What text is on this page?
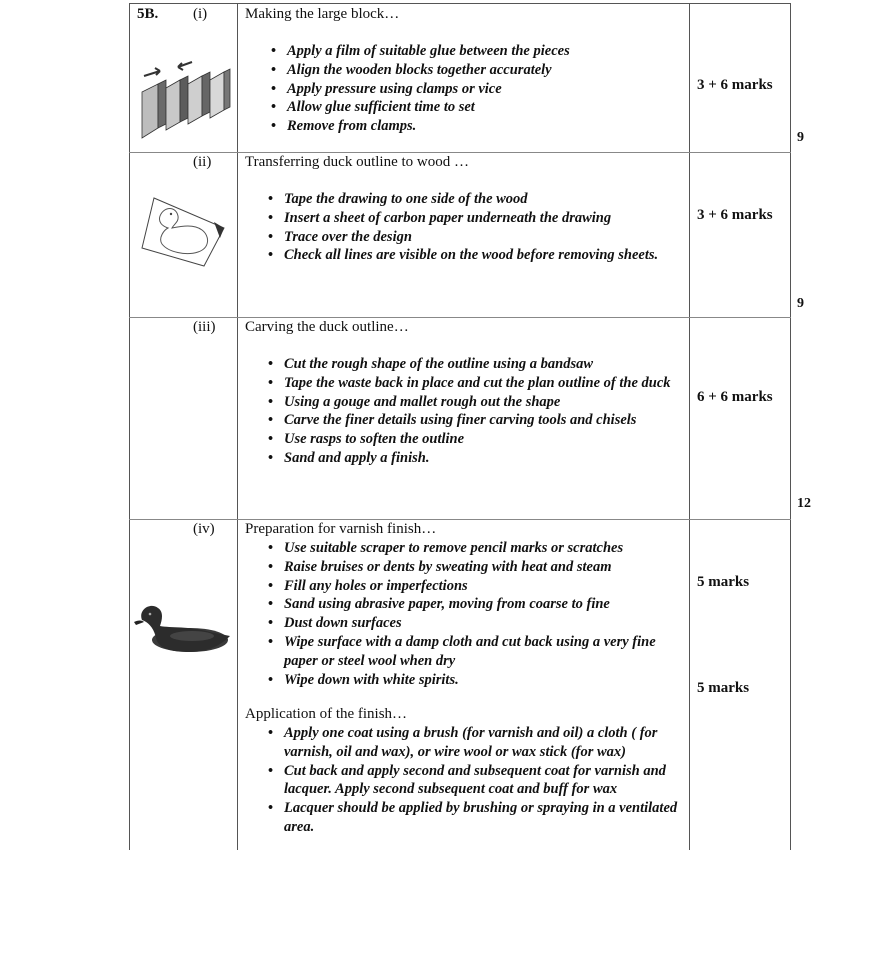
5B. (i)	Making the large block…
• Apply a film of suitable glue between the pieces
• Align the wooden blocks together accurately
• Apply pressure using clamps or vice
• Allow glue sufficient time to set
• Remove from clamps.
3 + 6 marks
9
(ii) Transferring duck outline to wood …
• Tape the drawing to one side of the wood
• Insert a sheet of carbon paper underneath the drawing
• Trace over the design
• Check all lines are visible on the wood before removing sheets.
3 + 6 marks
9
(iii) Carving the duck outline…
• Cut the rough shape of the outline using a bandsaw
• Tape the waste back in place and cut the plan outline of the duck
• Using a gouge and mallet rough out the shape
• Carve the finer details using finer carving tools and chisels
• Use rasps to soften the outline
• Sand and apply a finish.
6 + 6 marks
12
(iv) Preparation for varnish finish…
• Use suitable scraper to remove pencil marks or scratches
• Raise bruises or dents by sweating with heat and steam
• Fill any holes or imperfections
• Sand using abrasive paper, moving from coarse to fine
• Dust down surfaces
• Wipe surface with a damp cloth and cut back using a very fine paper or steel wool when dry
• Wipe down with white spirits.
5 marks
Application of the finish…
• Apply one coat using a brush (for varnish and oil) a cloth ( for varnish, oil and wax), or wire wool or wax stick (for wax)
• Cut back and apply second and subsequent coat for varnish and lacquer. Apply second subsequent coat and buff for wax
• Lacquer should be applied by brushing or spraying in a ventilated area.
5 marks
